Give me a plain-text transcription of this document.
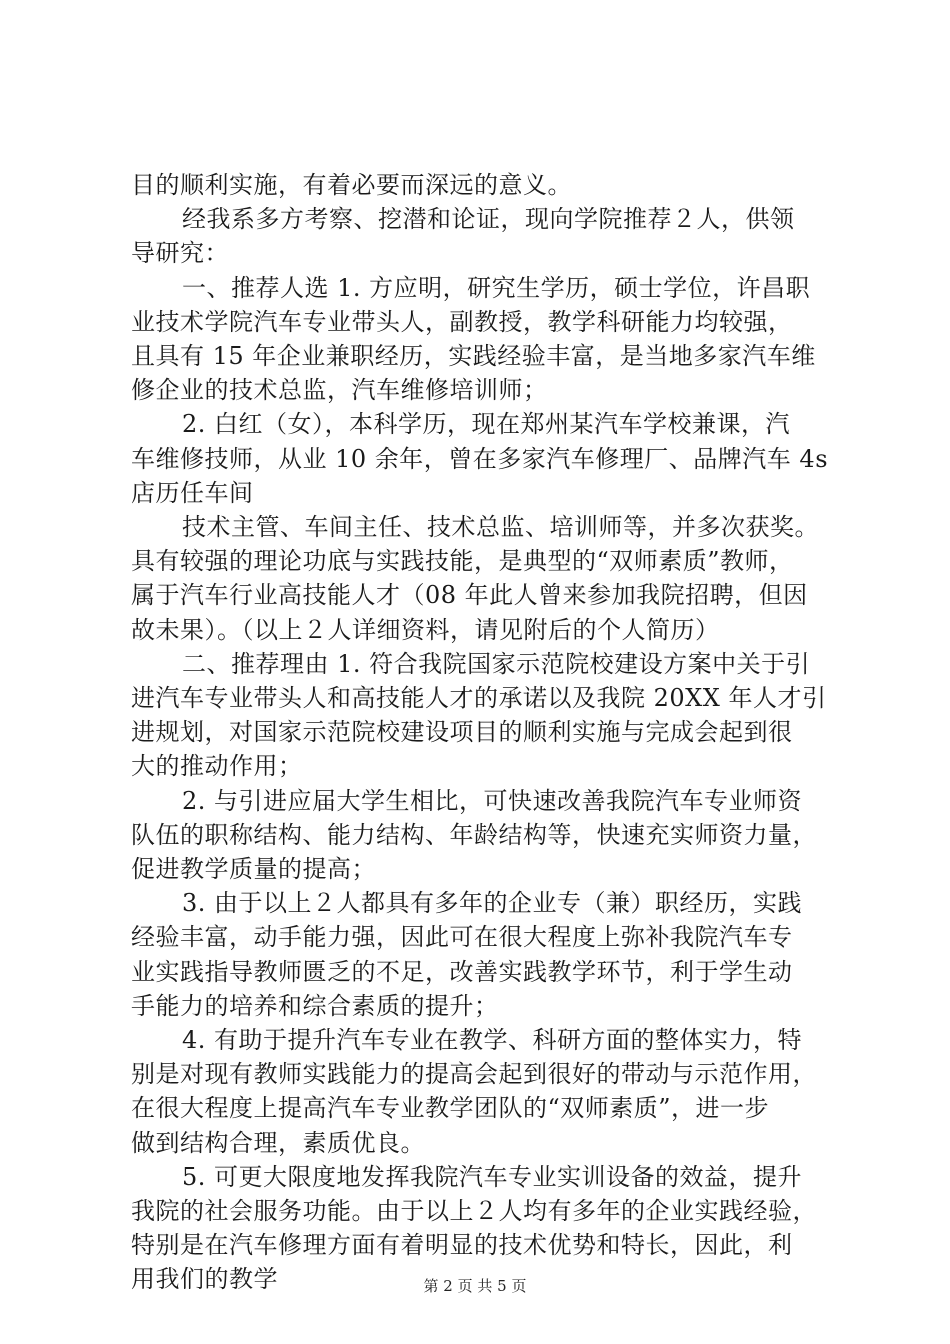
目的顺利实施，有着必要而深远的意义。
经我系多方考察、挖潜和论证，现向学院推荐２人，供领
导研究：
一、推荐人选 1. 方应明，研究生学历，硕士学位，许昌职
业技术学院汽车专业带头人，副教授，教学科研能力均较强，
且具有 15 年企业兼职经历，实践经验丰富，是当地多家汽车维
修企业的技术总监，汽车维修培训师；
2. 白红（女），本科学历，现在郑州某汽车学校兼课，汽
车维修技师，从业 10 余年，曾在多家汽车修理厂、品牌汽车 4s
店历任车间
技术主管、车间主任、技术总监、培训师等，并多次获奖。
具有较强的理论功底与实践技能，是典型的“双师素质”教师，
属于汽车行业高技能人才（08 年此人曾来参加我院招聘，但因
故未果）。（以上２人详细资料，请见附后的个人简历）
二、推荐理由 1. 符合我院国家示范院校建设方案中关于引
进汽车专业带头人和高技能人才的承诺以及我院 20XX 年人才引
进规划，对国家示范院校建设项目的顺利实施与完成会起到很
大的推动作用；
2. 与引进应届大学生相比，可快速改善我院汽车专业师资
队伍的职称结构、能力结构、年龄结构等，快速充实师资力量，
促进教学质量的提高；
3. 由于以上２人都具有多年的企业专（兼）职经历，实践
经验丰富，动手能力强，因此可在很大程度上弥补我院汽车专
业实践指导教师匮乏的不足，改善实践教学环节，利于学生动
手能力的培养和综合素质的提升；
4. 有助于提升汽车专业在教学、科研方面的整体实力，特
别是对现有教师实践能力的提高会起到很好的带动与示范作用，
在很大程度上提高汽车专业教学团队的“双师素质”，进一步
做到结构合理，素质优良。
5. 可更大限度地发挥我院汽车专业实训设备的效益，提升
我院的社会服务功能。由于以上２人均有多年的企业实践经验，
特别是在汽车修理方面有着明显的技术优势和特长，因此，利
用我们的教学	第 2 页 共 5 页
